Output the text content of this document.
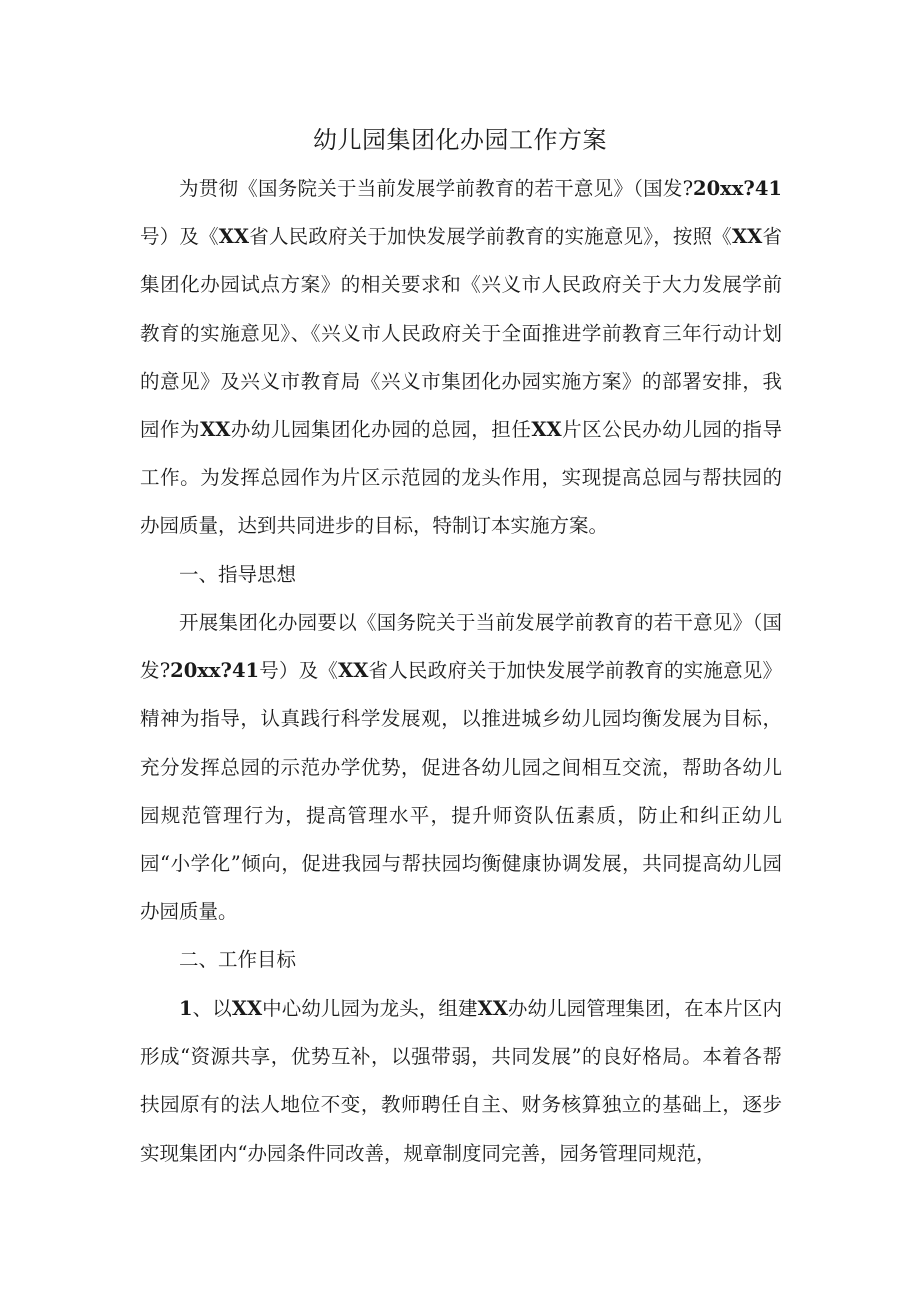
幼儿园集团化办园工作方案

为贯彻《国务院关于当前发展学前教育的若干意见》（国发?20xx?41号）及《XX省人民政府关于加快发展学前教育的实施意见》，按照《XX省集团化办园试点方案》的相关要求和《兴义市人民政府关于大力发展学前教育的实施意见》、《兴义市人民政府关于全面推进学前教育三年行动计划的意见》及兴义市教育局《兴义市集团化办园实施方案》的部署安排，我园作为XX办幼儿园集团化办园的总园，担任XX片区公民办幼儿园的指导工作。为发挥总园作为片区示范园的龙头作用，实现提高总园与帮扶园的办园质量，达到共同进步的目标，特制订本实施方案。

一、指导思想

开展集团化办园要以《国务院关于当前发展学前教育的若干意见》（国发?20xx?41号）及《XX省人民政府关于加快发展学前教育的实施意见》精神为指导，认真践行科学发展观，以推进城乡幼儿园均衡发展为目标，充分发挥总园的示范办学优势，促进各幼儿园之间相互交流，帮助各幼儿园规范管理行为，提高管理水平，提升师资队伍素质，防止和纠正幼儿园“小学化”倾向，促进我园与帮扶园均衡健康协调发展，共同提高幼儿园办园质量。

二、工作目标

1、以XX中心幼儿园为龙头，组建XX办幼儿园管理集团，在本片区内形成“资源共享，优势互补，以强带弱，共同发展”的良好格局。本着各帮扶园原有的法人地位不变，教师聘任自主、财务核算独立的基础上，逐步实现集团内“办园条件同改善，规章制度同完善，园务管理同规范，
